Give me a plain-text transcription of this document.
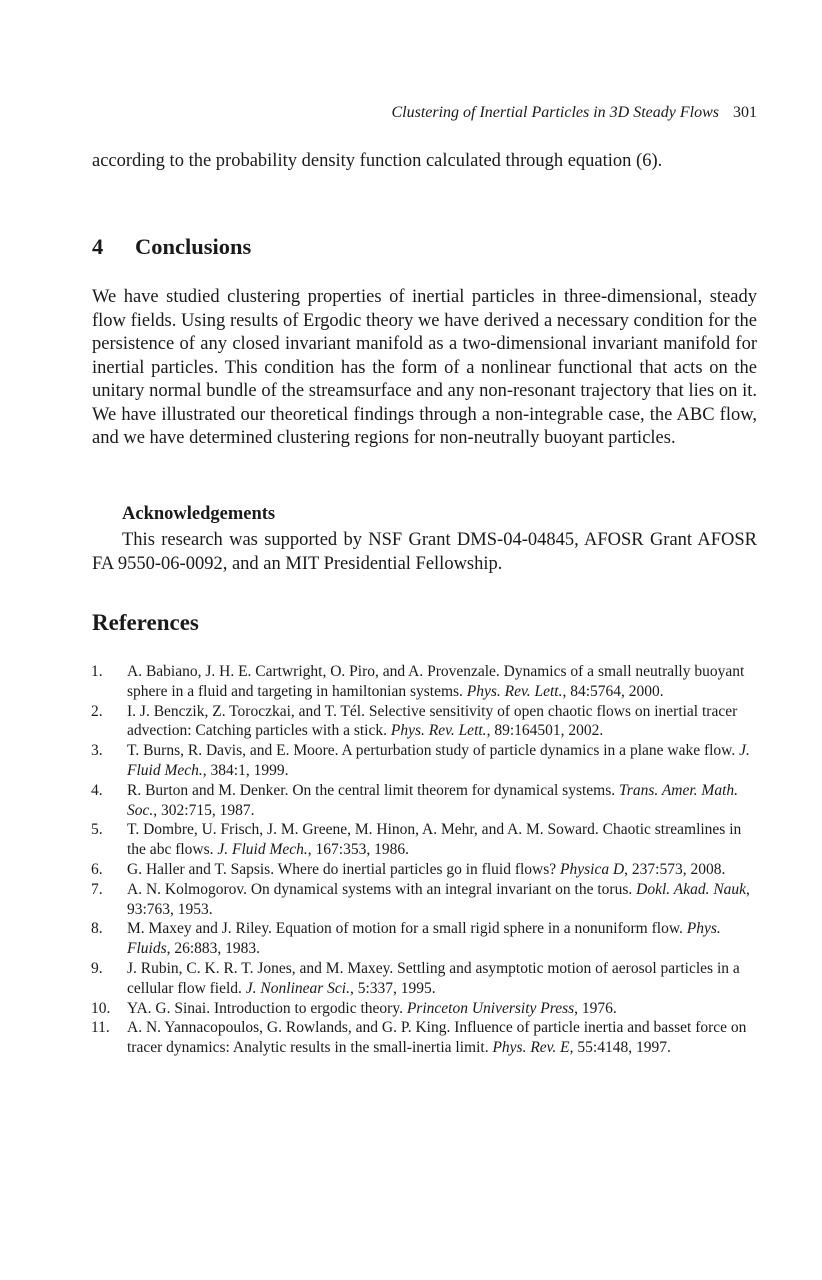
Clustering of Inertial Particles in 3D Steady Flows 301

according to the probability density function calculated through equation (6).

4 Conclusions

We have studied clustering properties of inertial particles in three-dimensional, steady flow fields. Using results of Ergodic theory we have derived a necessary condition for the persistence of any closed invariant manifold as a two-dimensional invariant manifold for inertial particles. This condition has the form of a nonlinear functional that acts on the unitary normal bundle of the streamsurface and any non-resonant trajectory that lies on it. We have illustrated our theoretical findings through a non-integrable case, the ABC flow, and we have determined clustering regions for non-neutrally buoyant particles.

Acknowledgements

This research was supported by NSF Grant DMS-04-04845, AFOSR Grant AFOSR FA 9550-06-0092, and an MIT Presidential Fellowship.

References

1. A. Babiano, J. H. E. Cartwright, O. Piro, and A. Provenzale. Dynamics of a small neutrally buoyant sphere in a fluid and targeting in hamiltonian systems. Phys. Rev. Lett., 84:5764, 2000.

2. I. J. Benczik, Z. Toroczkai, and T. Tél. Selective sensitivity of open chaotic flows on inertial tracer advection: Catching particles with a stick. Phys. Rev. Lett., 89:164501, 2002.

3. T. Burns, R. Davis, and E. Moore. A perturbation study of particle dynamics in a plane wake flow. J. Fluid Mech., 384:1, 1999.

4. R. Burton and M. Denker. On the central limit theorem for dynamical systems. Trans. Amer. Math. Soc., 302:715, 1987.

5. T. Dombre, U. Frisch, J. M. Greene, M. Hinon, A. Mehr, and A. M. Soward. Chaotic streamlines in the abc flows. J. Fluid Mech., 167:353, 1986.

6. G. Haller and T. Sapsis. Where do inertial particles go in fluid flows? Physica D, 237:573, 2008.

7. A. N. Kolmogorov. On dynamical systems with an integral invariant on the torus. Dokl. Akad. Nauk, 93:763, 1953.

8. M. Maxey and J. Riley. Equation of motion for a small rigid sphere in a nonuniform flow. Phys. Fluids, 26:883, 1983.

9. J. Rubin, C. K. R. T. Jones, and M. Maxey. Settling and asymptotic motion of aerosol particles in a cellular flow field. J. Nonlinear Sci., 5:337, 1995.

10. YA. G. Sinai. Introduction to ergodic theory. Princeton University Press, 1976.

11. A. N. Yannacopoulos, G. Rowlands, and G. P. King. Influence of particle inertia and basset force on tracer dynamics: Analytic results in the small-inertia limit. Phys. Rev. E, 55:4148, 1997.
